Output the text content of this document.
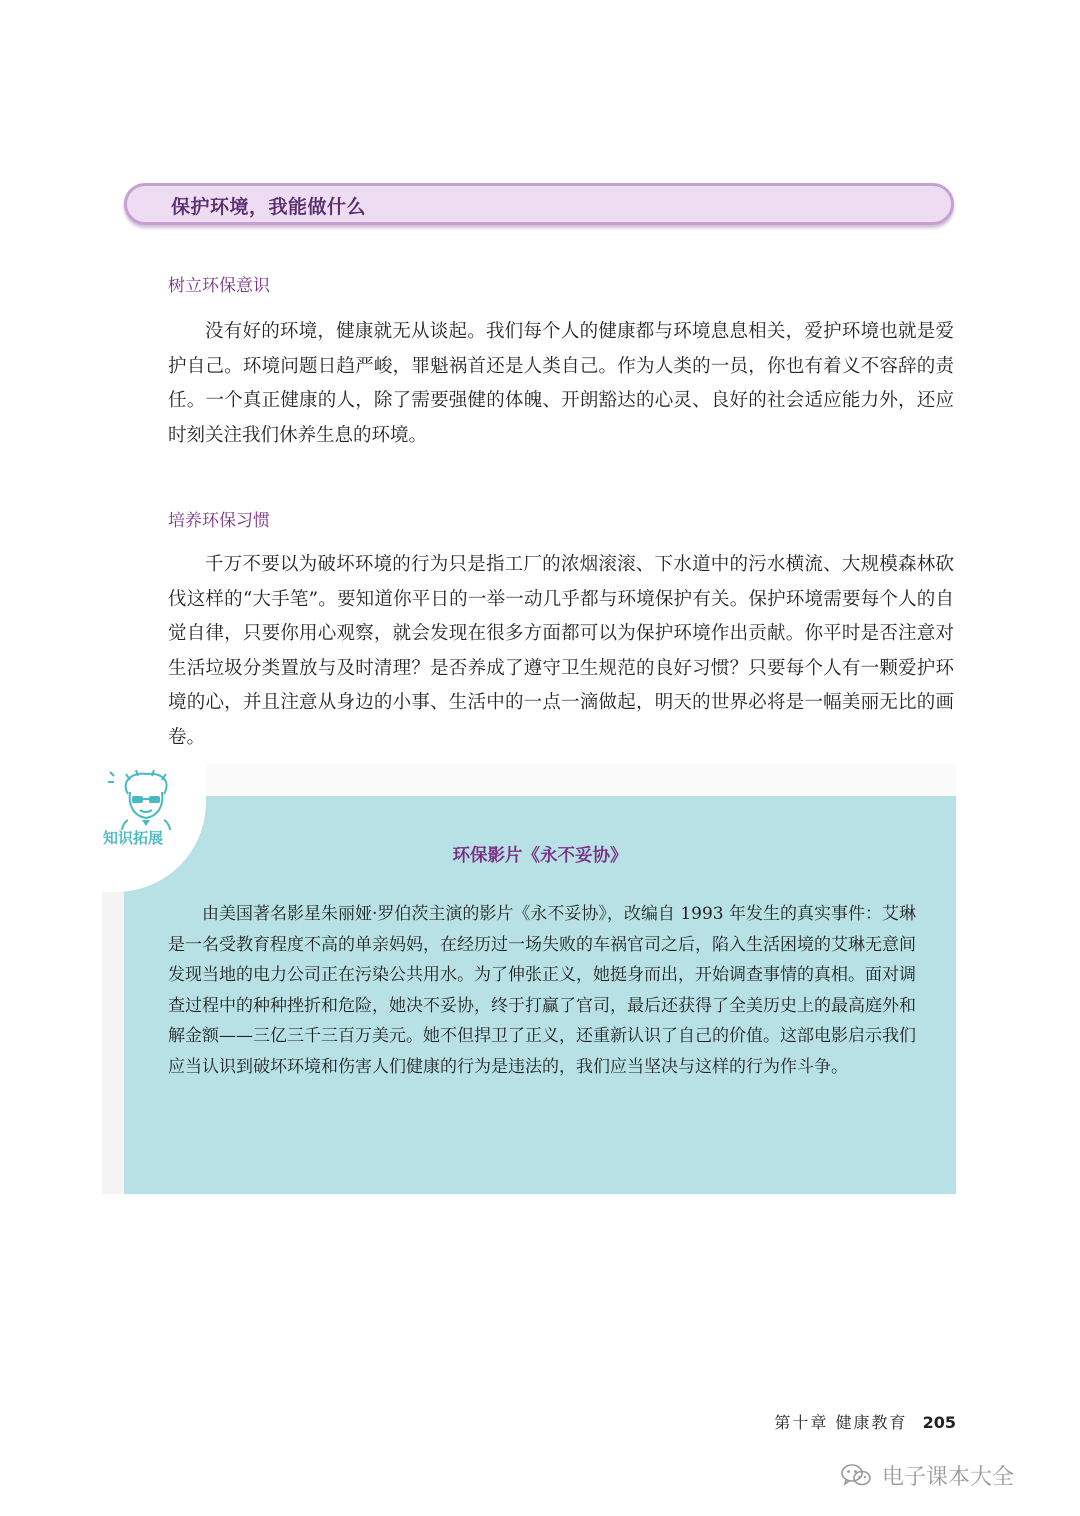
保护环境，我能做什么
树立环保意识

没有好的环境，健康就无从谈起。我们每个人的健康都与环境息息相关，爱护环境也就是爱护自己。环境问题日趋严峻，罪魁祸首还是人类自己。作为人类的一员，你也有着义不容辞的责任。一个真正健康的人，除了需要强健的体魄、开朗豁达的心灵、良好的社会适应能力外，还应时刻关注我们休养生息的环境。

培养环保习惯

千万不要以为破坏环境的行为只是指工厂的浓烟滚滚、下水道中的污水横流、大规模森林砍伐这样的“大手笔”。要知道你平日的一举一动几乎都与环境保护有关。保护环境需要每个人的自觉自律，只要你用心观察，就会发现在很多方面都可以为保护环境作出贡献。你平时是否注意对生活垃圾分类置放与及时清理？是否养成了遵守卫生规范的良好习惯？只要每个人有一颗爱护环境的心，并且注意从身边的小事、生活中的一点一滴做起，明天的世界必将是一幅美丽无比的画卷。

知识拓展
环保影片《永不妥协》

由美国著名影星朱丽娅·罗伯茨主演的影片《永不妥协》，改编自 1993 年发生的真实事件：艾琳是一名受教育程度不高的单亲妈妈，在经历过一场失败的车祸官司之后，陷入生活困境的艾琳无意间发现当地的电力公司正在污染公共用水。为了伸张正义，她挺身而出，开始调查事情的真相。面对调查过程中的种种挫折和危险，她决不妥协，终于打赢了官司，最后还获得了全美历史上的最高庭外和解金额——三亿三千三百万美元。她不但捍卫了正义，还重新认识了自己的价值。这部电影启示我们应当认识到破坏环境和伤害人们健康的行为是违法的，我们应当坚决与这样的行为作斗争。

第十章 健康教育 205
电子课本大全
